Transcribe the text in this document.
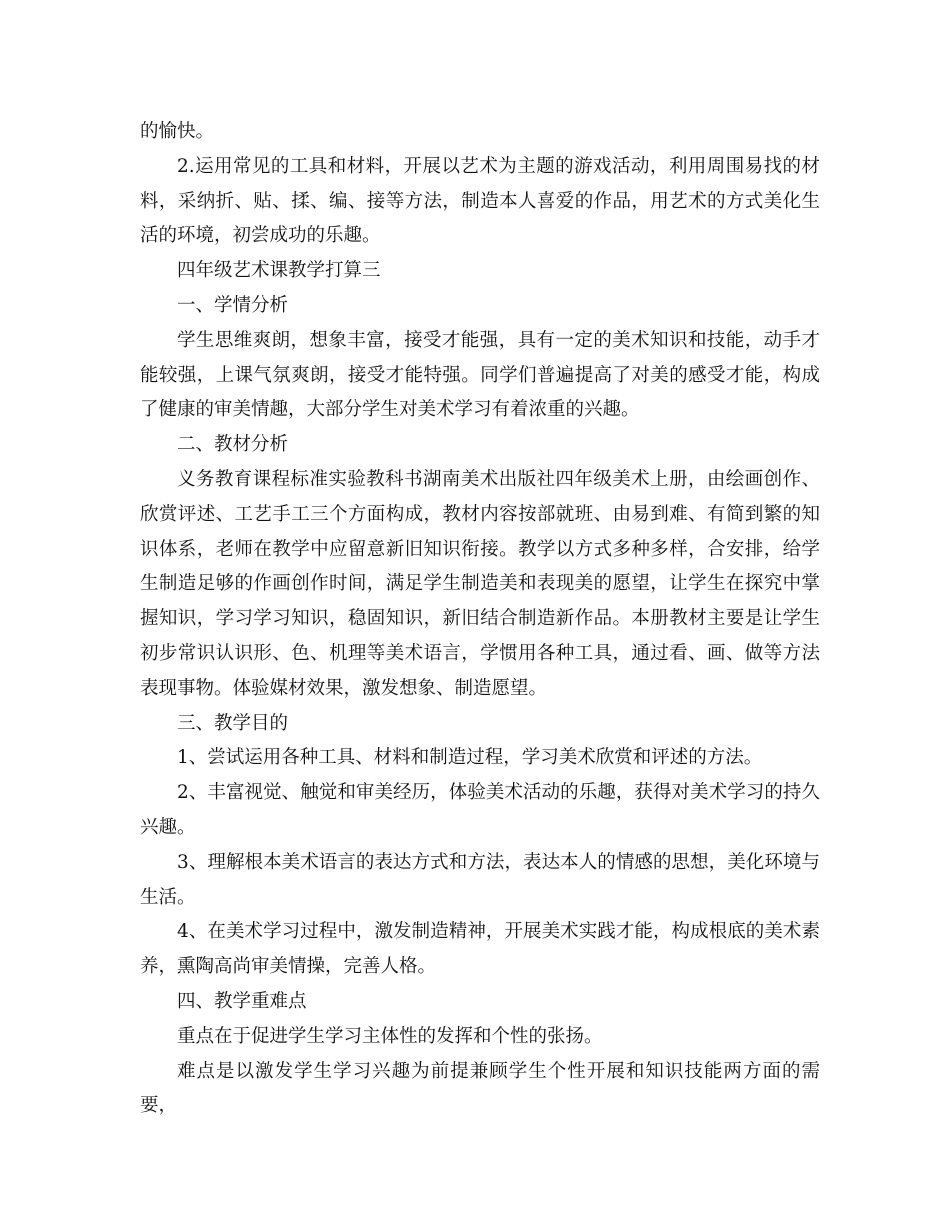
的愉快。

2.运用常见的工具和材料，开展以艺术为主题的游戏活动，利用周围易找的材料，采纳折、贴、揉、编、接等方法，制造本人喜爱的作品，用艺术的方式美化生活的环境，初尝成功的乐趣。

四年级艺术课教学打算三

一、学情分析

学生思维爽朗，想象丰富，接受才能强，具有一定的美术知识和技能，动手才能较强，上课气氛爽朗，接受才能特强。同学们普遍提高了对美的感受才能，构成了健康的审美情趣，大部分学生对美术学习有着浓重的兴趣。

二、教材分析

义务教育课程标准实验教科书湖南美术出版社四年级美术上册，由绘画创作、欣赏评述、工艺手工三个方面构成，教材内容按部就班、由易到难、有简到繁的知识体系，老师在教学中应留意新旧知识衔接。教学以方式多种多样，合安排，给学生制造足够的作画创作时间，满足学生制造美和表现美的愿望，让学生在探究中掌握知识，学习学习知识，稳固知识，新旧结合制造新作品。本册教材主要是让学生初步常识认识形、色、机理等美术语言，学惯用各种工具，通过看、画、做等方法表现事物。体验媒材效果，激发想象、制造愿望。

三、教学目的

1、尝试运用各种工具、材料和制造过程，学习美术欣赏和评述的方法。

2、丰富视觉、触觉和审美经历，体验美术活动的乐趣，获得对美术学习的持久兴趣。

3、理解根本美术语言的表达方式和方法，表达本人的情感的思想，美化环境与生活。

4、在美术学习过程中，激发制造精神，开展美术实践才能，构成根底的美术素养，熏陶高尚审美情操，完善人格。

四、教学重难点

重点在于促进学生学习主体性的发挥和个性的张扬。

难点是以激发学生学习兴趣为前提兼顾学生个性开展和知识技能两方面的需要，
